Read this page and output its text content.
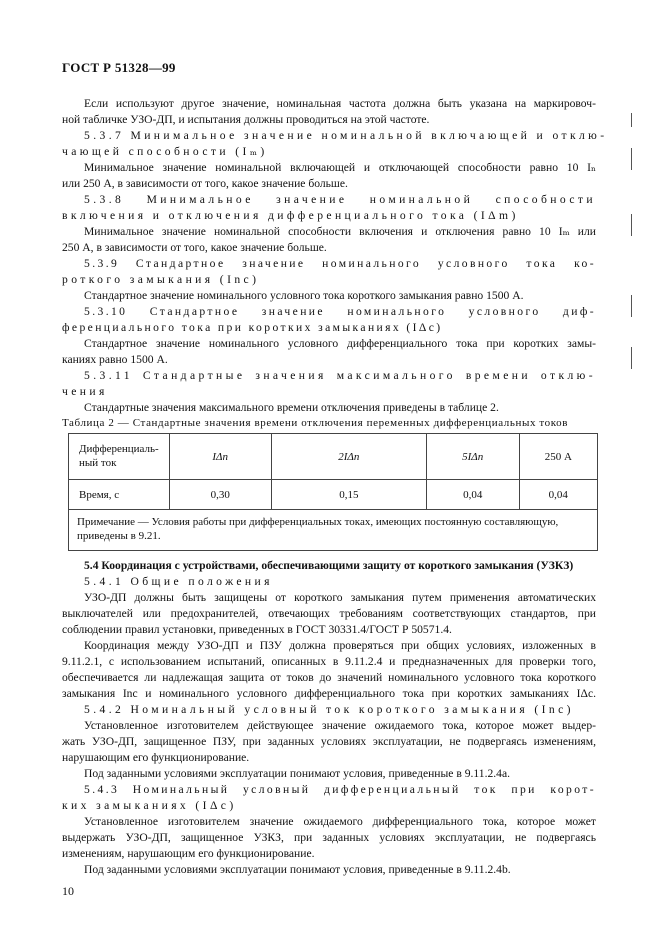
ГОСТ Р 51328—99
Если используют другое значение, номинальная частота должна быть указана на маркировоч-
ной табличке УЗО-ДП, и испытания должны проводиться на этой частоте.
5.3.7 Минимальное значение номинальной включающей и отклю-
чающей способности (Iₘ)
Минимальное значение номинальной включающей и отключающей способности равно 10 Iₙ
или 250 А, в зависимости от того, какое значение больше.
5.3.8 Минимальное значение номинальной способности
включения и отключения дифференциального тока (IΔm)
Минимальное значение номинальной способности включения и отключения равно 10 Iₘ или
250 А, в зависимости от того, какое значение больше.
5.3.9 Стандартное значение номинального условного тока ко-
роткого замыкания (Inc)
Стандартное значение номинального условного тока короткого замыкания равно 1500 А.
5.3.10 Стандартное значение номинального условного диф-
ференциального тока при коротких замыканиях (IΔc)
Стандартное значение номинального условного дифференциального тока при коротких замы-
каниях равно 1500 А.
5.3.11 Стандартные значения максимального времени отклю-
чения
Стандартные значения максимального времени отключения приведены в таблице 2.
Таблица 2 — Стандартные значения времени отключения переменных дифференциальных токов
Дифференциаль-
ный ток	IΔn	2IΔn	5IΔn	250 А
Время, с	0,30	0,15	0,04	0,04
Примечание — Условия работы при дифференциальных токах, имеющих постоянную составляющую, приведены в 9.21.				
5.4 Координация с устройствами, обеспечивающими защиту от короткого замыкания (УЗКЗ)
5.4.1 Общие положения
УЗО-ДП должны быть защищены от короткого замыкания путем применения автоматических
выключателей или предохранителей, отвечающих требованиям соответствующих стандартов, при
соблюдении правил установки, приведенных в ГОСТ 30331.4/ГОСТ Р 50571.4.
Координация между УЗО-ДП и ПЗУ должна проверяться при общих условиях, изложенных в
9.11.2.1, с использованием испытаний, описанных в 9.11.2.4 и предназначенных для проверки того,
обеспечивается ли надлежащая защита от токов до значений номинального условного тока короткого
замыкания Inc и номинального условного дифференциального тока при коротких замыканиях IΔc.
5.4.2 Номинальный условный ток короткого замыкания (Inc)
Установленное изготовителем действующее значение ожидаемого тока, которое может выдер-
жать УЗО-ДП, защищенное ПЗУ, при заданных условиях эксплуатации, не подвергаясь изменениям,
нарушающим его функционирование.
Под заданными условиями эксплуатации понимают условия, приведенные в 9.11.2.4а.
5.4.3 Номинальный условный дифференциальный ток при корот-
ких замыканиях (IΔc)
Установленное изготовителем значение ожидаемого дифференциального тока, которое может
выдержать УЗО-ДП, защищенное УЗКЗ, при заданных условиях эксплуатации, не подвергаясь
изменениям, нарушающим его функционирование.
Под заданными условиями эксплуатации понимают условия, приведенные в 9.11.2.4b.
10
